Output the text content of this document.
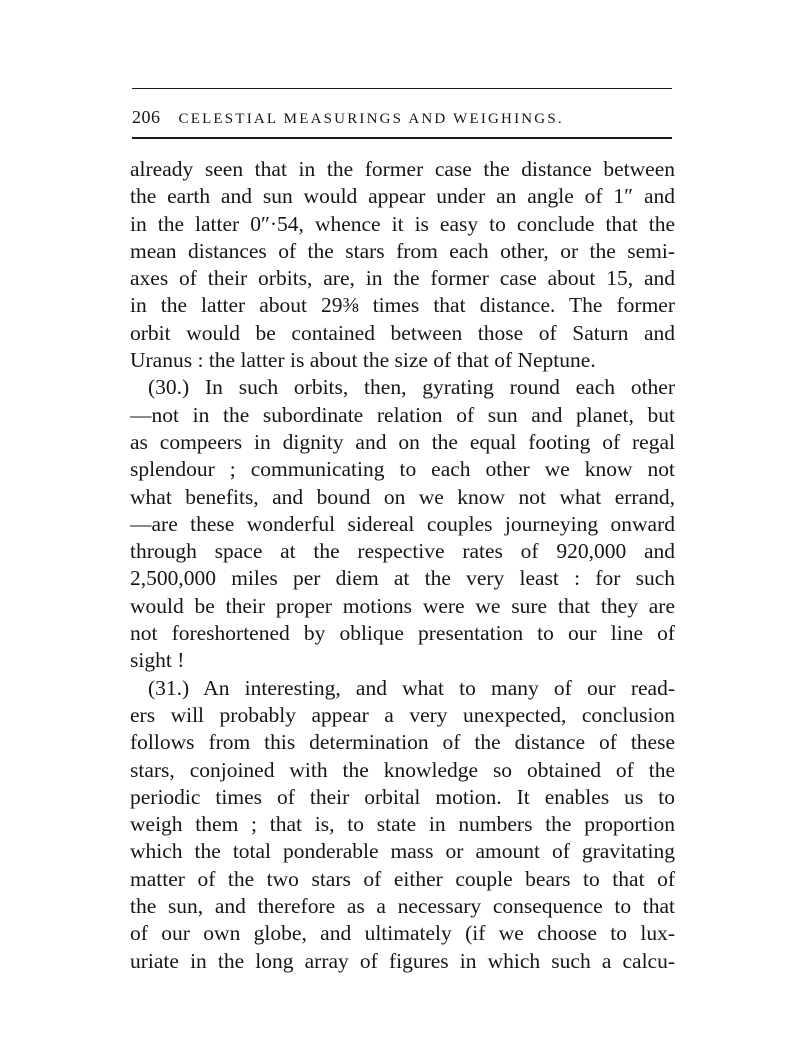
206 CELESTIAL MEASURINGS AND WEIGHINGS.
already seen that in the former case the distance between
the earth and sun would appear under an angle of 1″ and
in the latter 0″·54, whence it is easy to conclude that the
mean distances of the stars from each other, or the semi-
axes of their orbits, are, in the former case about 15, and
in the latter about 29⅜ times that distance. The former
orbit would be contained between those of Saturn and
Uranus : the latter is about the size of that of Neptune.
(30.) In such orbits, then, gyrating round each other
—not in the subordinate relation of sun and planet, but
as compeers in dignity and on the equal footing of regal
splendour ; communicating to each other we know not
what benefits, and bound on we know not what errand,
—are these wonderful sidereal couples journeying onward
through space at the respective rates of 920,000 and
2,500,000 miles per diem at the very least : for such
would be their proper motions were we sure that they are
not foreshortened by oblique presentation to our line of
sight !
(31.) An interesting, and what to many of our read-
ers will probably appear a very unexpected, conclusion
follows from this determination of the distance of these
stars, conjoined with the knowledge so obtained of the
periodic times of their orbital motion. It enables us to
weigh them ; that is, to state in numbers the proportion
which the total ponderable mass or amount of gravitating
matter of the two stars of either couple bears to that of
the sun, and therefore as a necessary consequence to that
of our own globe, and ultimately (if we choose to lux-
uriate in the long array of figures in which such a calcu-
